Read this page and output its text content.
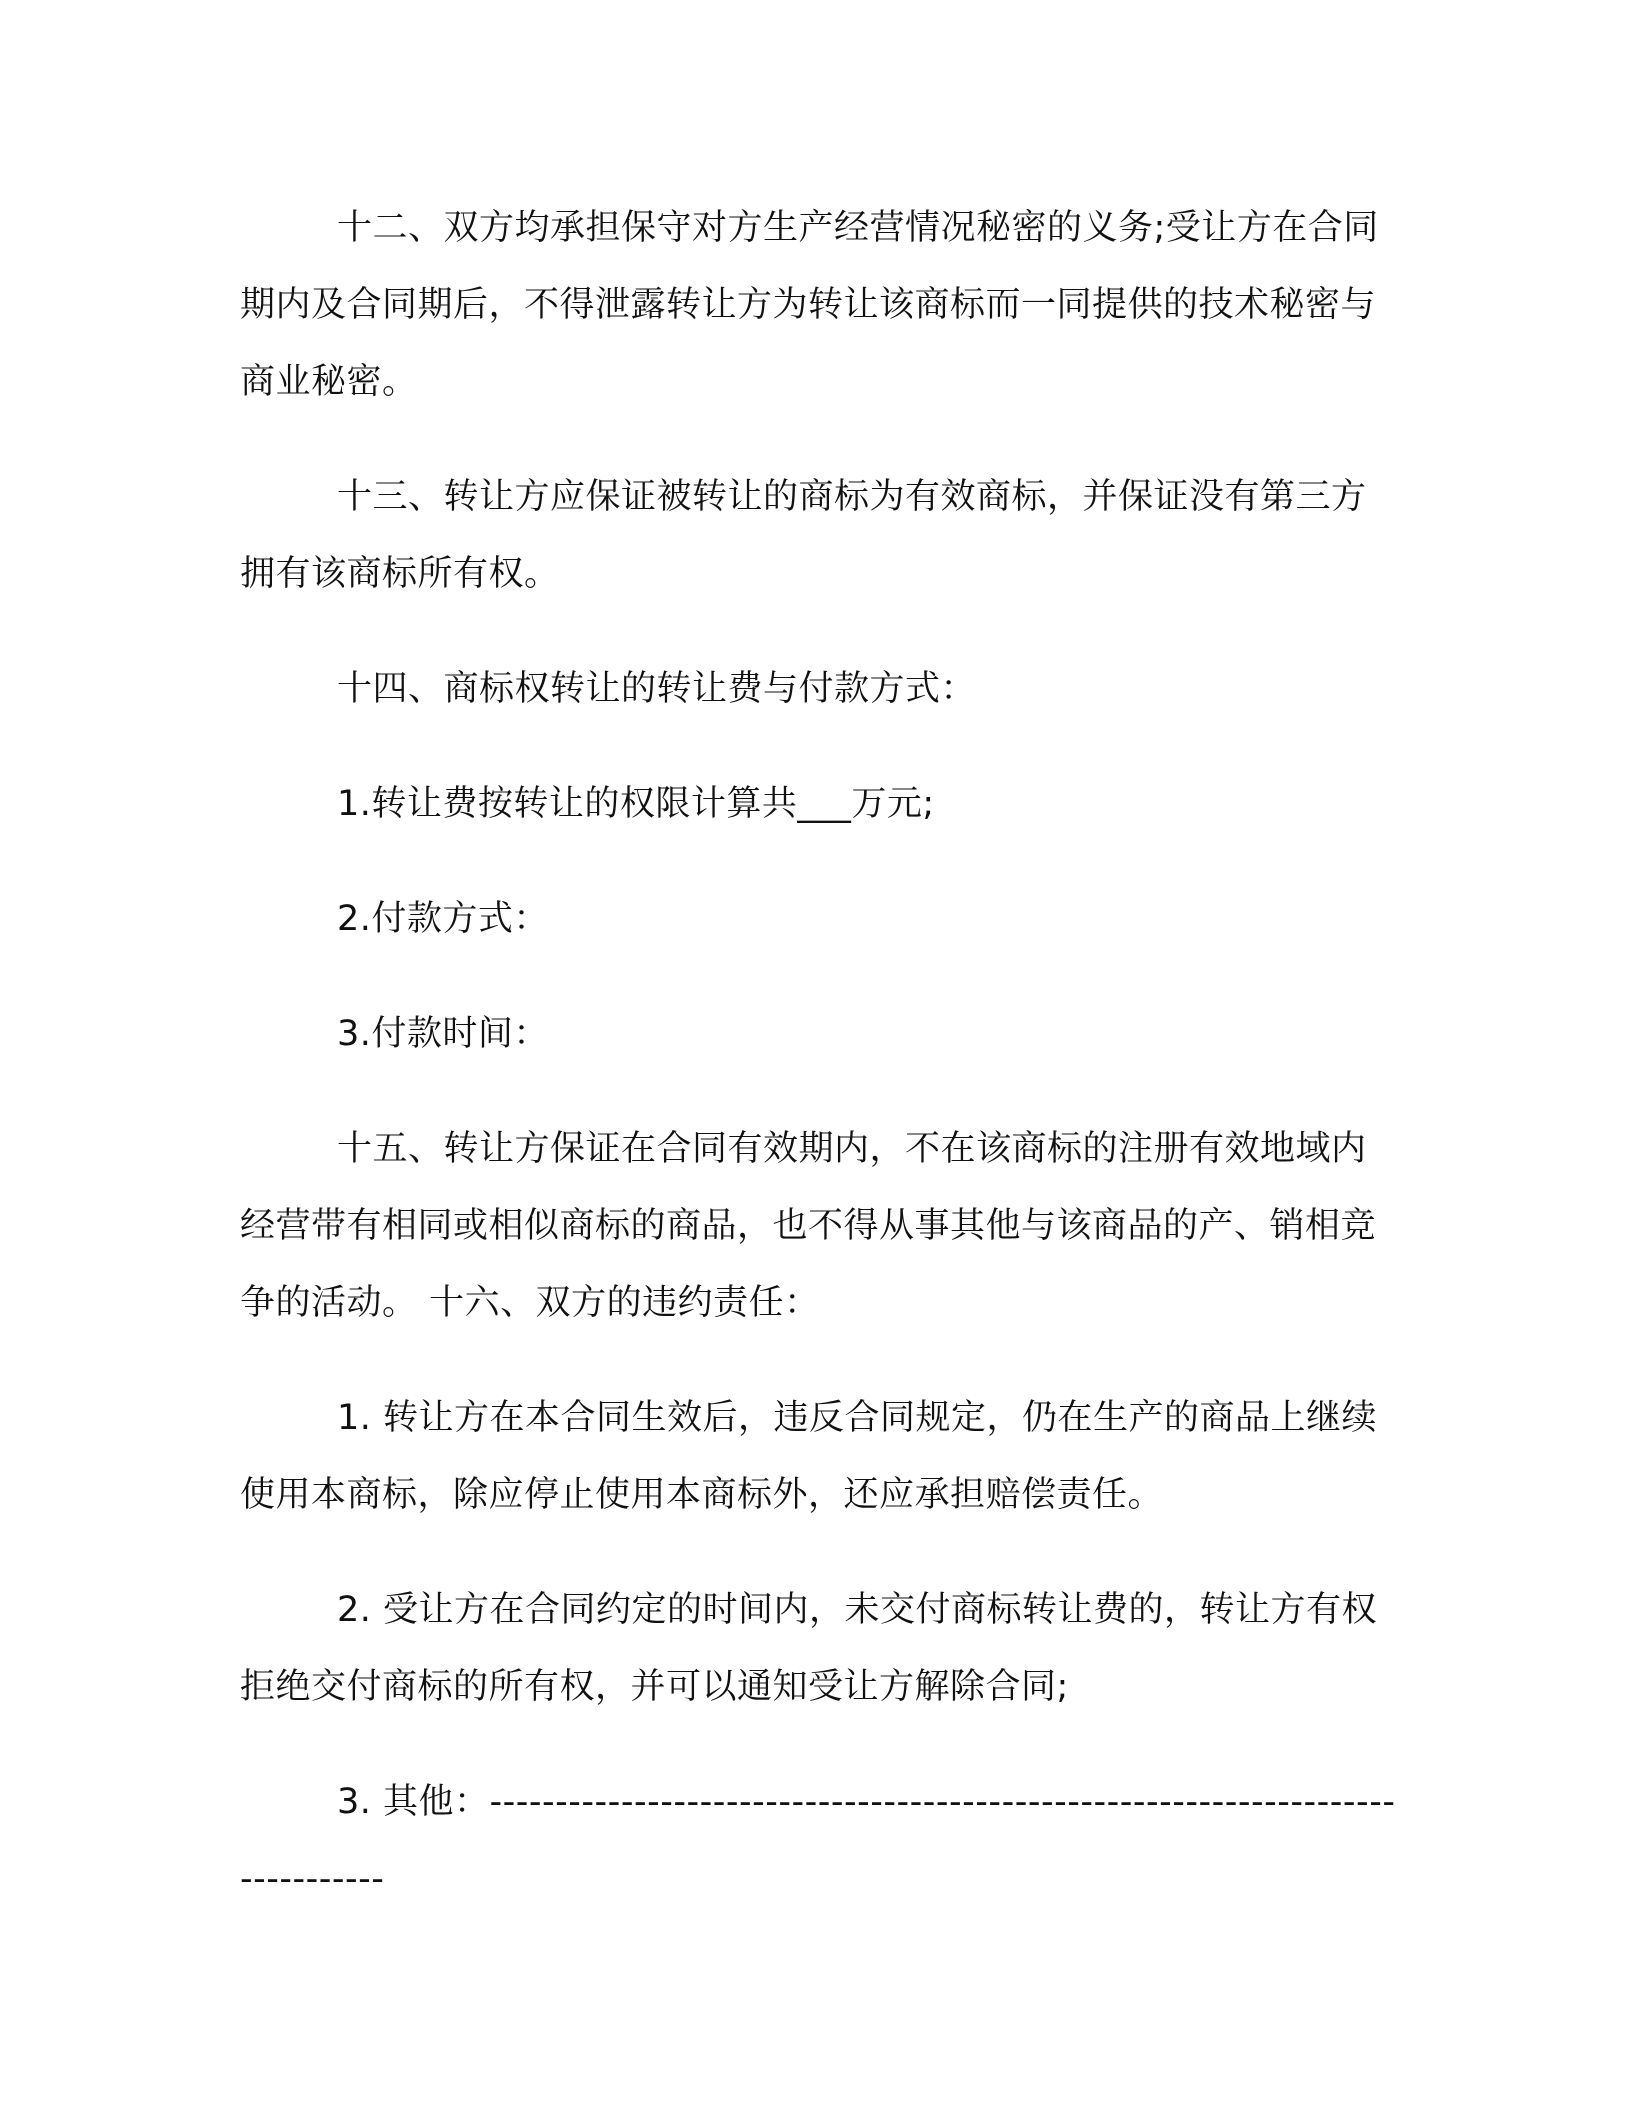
十二、双方均承担保守对方生产经营情况秘密的义务;受让方在合同期内及合同期后，不得泄露转让方为转让该商标而一同提供的技术秘密与商业秘密。

十三、转让方应保证被转让的商标为有效商标，并保证没有第三方拥有该商标所有权。

十四、商标权转让的转让费与付款方式：

1.转让费按转让的权限计算共___万元;

2.付款方式：

3.付款时间：

十五、转让方保证在合同有效期内，不在该商标的注册有效地域内经营带有相同或相似商标的商品，也不得从事其他与该商品的产、销相竞争的活动。 十六、双方的违约责任：

1. 转让方在本合同生效后，违反合同规定，仍在生产的商品上继续使用本商标，除应停止使用本商标外，还应承担赔偿责任。

2. 受让方在合同约定的时间内，未交付商标转让费的，转让方有权拒绝交付商标的所有权，并可以通知受让方解除合同;

3. 其他：--------------------------------------------------------------------------------
